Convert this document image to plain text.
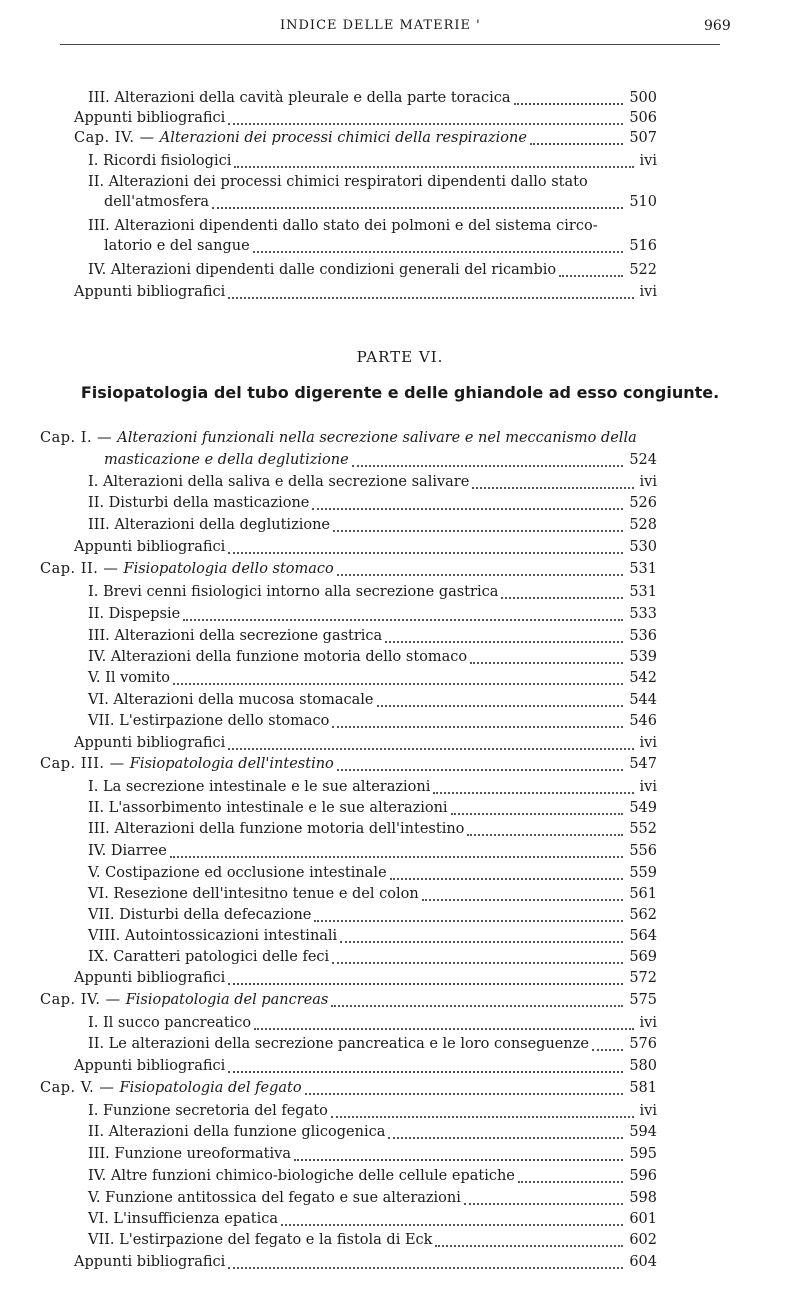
INDICE DELLE MATERIE '	969
III. Alterazioni della cavità pleurale e della parte toracica	500
Appunti bibliografici	506
Cap. IV. — Alterazioni dei processi chimici della respirazione	507
I. Ricordi fisiologici	ivi
II. Alterazioni dei processi chimici respiratori dipendenti dallo stato
dell'atmosfera	510
III. Alterazioni dipendenti dallo stato dei polmoni e del sistema circo-
latorio e del sangue	516
IV. Alterazioni dipendenti dalle condizioni generali del ricambio	522
Appunti bibliografici	ivi
Cap. I. — Alterazioni funzionali nella secrezione salivare e nel meccanismo della
masticazione e della deglutizione	524
I. Alterazioni della saliva e della secrezione salivare	ivi
II. Disturbi della masticazione	526
III. Alterazioni della deglutizione	528
Appunti bibliografici	530
Cap. II. — Fisiopatologia dello stomaco	531
I. Brevi cenni fisiologici intorno alla secrezione gastrica	531
II. Dispepsie	533
III. Alterazioni della secrezione gastrica	536
IV. Alterazioni della funzione motoria dello stomaco	539
V. Il vomito	542
VI. Alterazioni della mucosa stomacale	544
VII. L'estirpazione dello stomaco	546
Appunti bibliografici	ivi
Cap. III. — Fisiopatologia dell'intestino	547
I. La secrezione intestinale e le sue alterazioni	ivi
II. L'assorbimento intestinale e le sue alterazioni	549
III. Alterazioni della funzione motoria dell'intestino	552
IV. Diarree	556
V. Costipazione ed occlusione intestinale	559
VI. Resezione dell'intesitno tenue e del colon	561
VII. Disturbi della defecazione	562
VIII. Autointossicazioni intestinali	564
IX. Caratteri patologici delle feci	569
Appunti bibliografici	572
Cap. IV. — Fisiopatologia del pancreas	575
I. Il succo pancreatico	ivi
II. Le alterazioni della secrezione pancreatica e le loro conseguenze	576
Appunti bibliografici	580
Cap. V. — Fisiopatologia del fegato	581
I. Funzione secretoria del fegato	ivi
II. Alterazioni della funzione glicogenica	594
III. Funzione ureoformativa	595
IV. Altre funzioni chimico-biologiche delle cellule epatiche	596
V. Funzione antitossica del fegato e sue alterazioni	598
VI. L'insufficienza epatica	601
VII. L'estirpazione del fegato e la fistola di Eck	602
Appunti bibliografici	604
PARTE VI.
Fisiopatologia del tubo digerente e delle ghiandole ad esso congiunte.
